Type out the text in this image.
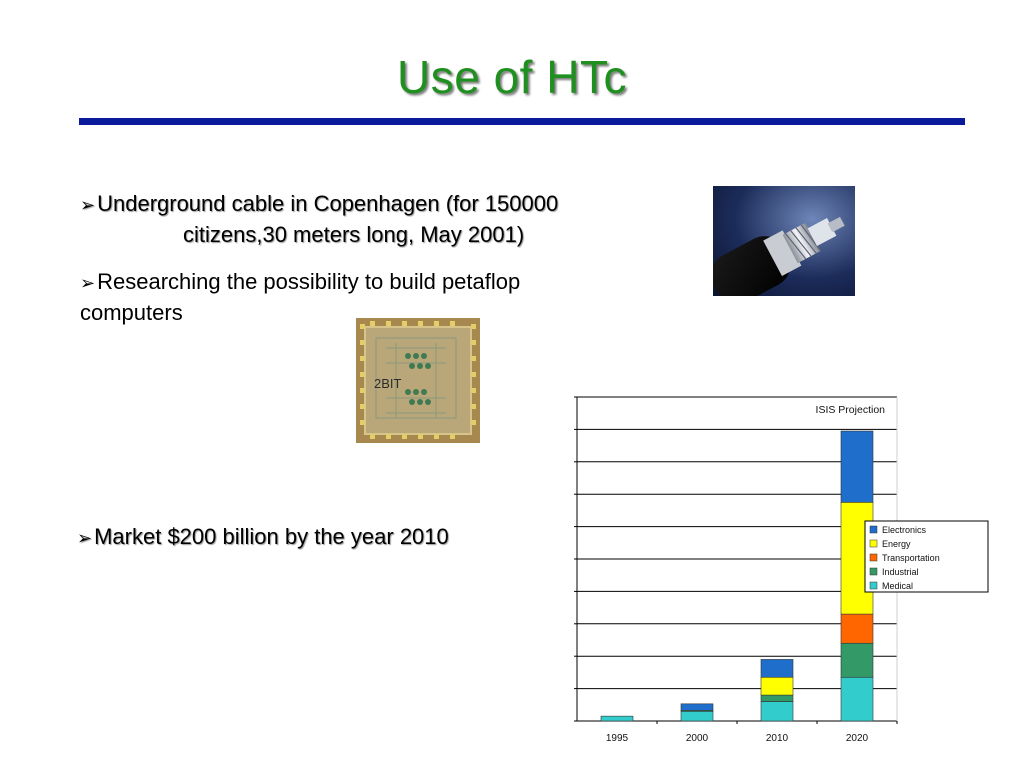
Use of HTc
➢Underground cable in Copenhagen (for 150000
citizens,30 meters long, May 2001)
➢Researching the possibility to build petaflop
computers
➢Market $200 billion by the year 2010
2BIT
1995	2000	2010	2020
ISIS Projection
Electronics
Energy
Transportation
Industrial
Medical
